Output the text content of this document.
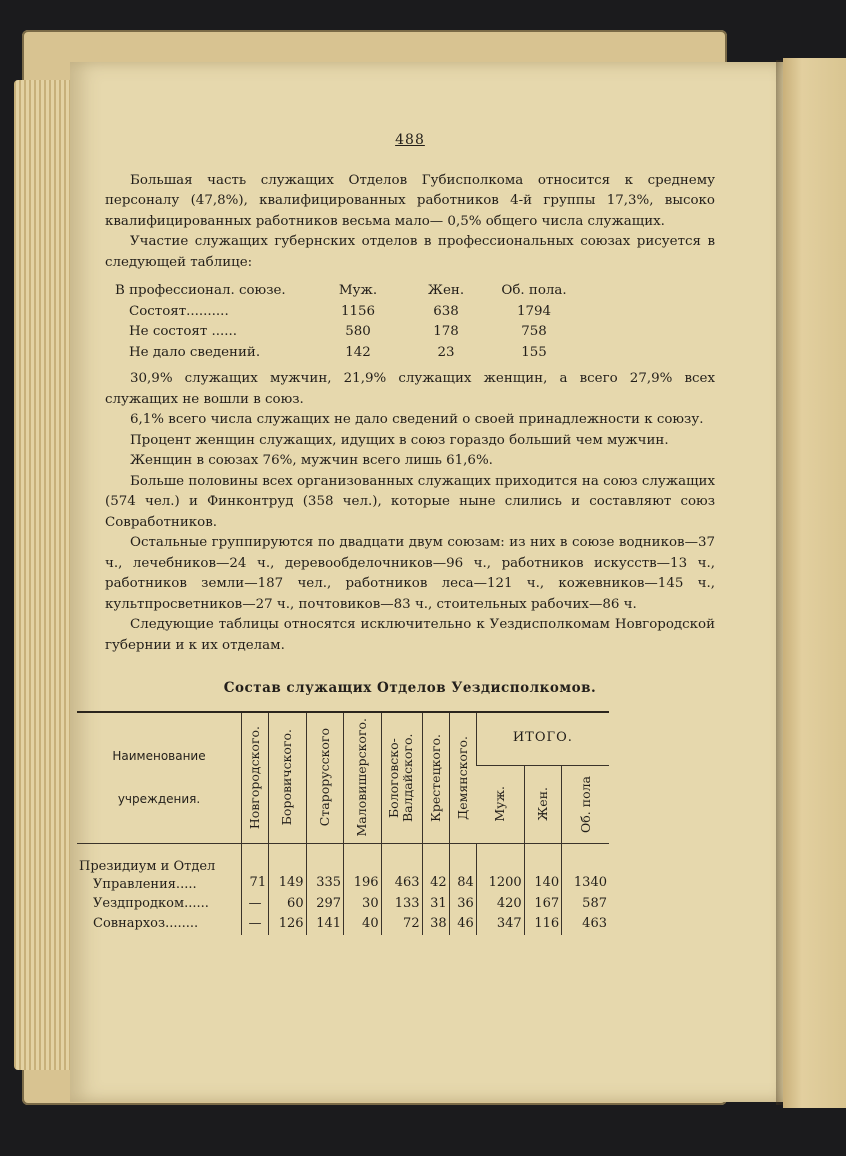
488

Большая часть служащих Отделов Губисполкома относится к среднему персоналу (47,8%), квалифицированных работников 4-й группы 17,3%, высоко квалифицированных работников весьма мало— 0,5% общего числа служащих.

Участие служащих губернских отделов в профессиональных союзах рисуется в следующей таблице:

В профессионал. союзе.	Муж.	Жен.	Об. пола.
Состоят..........	1156	638	1794
Не состоят ......	580	178	758
Не дало сведений.	142	23	155

30,9% служащих мужчин, 21,9% служащих женщин, а всего 27,9% всех служащих не вошли в союз.

6,1% всего числа служащих не дало сведений о своей принадлежности к союзу.

Процент женщин служащих, идущих в союз гораздо больший чем мужчин.

Женщин в союзах 76%, мужчин всего лишь 61,6%.

Больше половины всех организованных служащих приходится на союз служащих (574 чел.) и Финконтруд (358 чел.), которые ныне слились и составляют союз Совработников.

Остальные группируются по двадцати двум союзам: из них в союзе водников—37 ч., лечебников—24 ч., деревообделочников—96 ч., работников искусств—13 ч., работников земли—187 чел., работников леса—121 ч., кожевников—145 ч., культпросветников—27 ч., почтовиков—83 ч., стоительных рабочих—86 ч.

Следующие таблицы относятся исключительно к Уездисполкомам Новгородской губернии и к их отделам.

Состав служащих Отделов Уездисполкомов.
Наименование
учреждения.	Новгородского.	Боровичского.	Старорусского	Маловишерского.	Бологовско-Валдайского.	Крестецкого.	Демянского.	ИТОГО.		

								Муж.	Жен.	Об. пола

Президиум и Отдел
Управления.....	71	149	335	196	463	42	84	1200	140	1340
Уездпродком......	—	60	297	30	133	31	36	420	167	587
Совнархоз........	—	126	141	40	72	38	46	347	116	463
